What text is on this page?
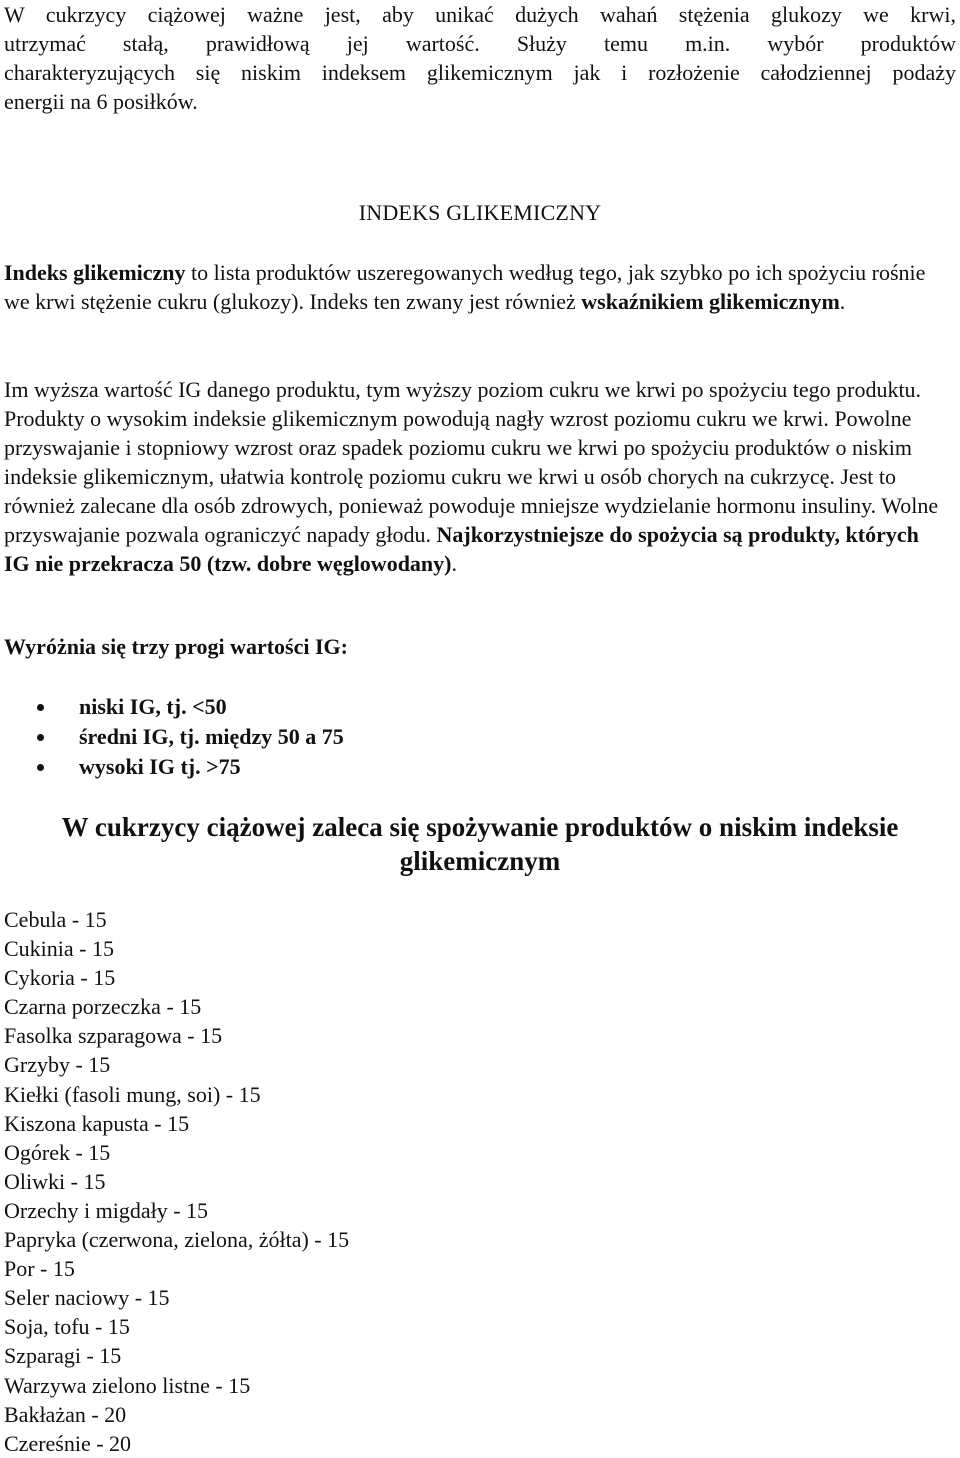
W cukrzycy ciążowej ważne jest, aby unikać dużych wahań stężenia glukozy we krwi,

utrzymać stałą, prawidłową jej wartość. Służy temu m.in. wybór produktów

charakteryzujących się niskim indeksem glikemicznym jak i rozłożenie całodziennej podaży

energii na 6 posiłków.

INDEKS GLIKEMICZNY

Indeks glikemiczny to lista produktów uszeregowanych według tego, jak szybko po ich spożyciu rośnie we krwi stężenie cukru (glukozy). Indeks ten zwany jest również wskaźnikiem glikemicznym.

Im wyższa wartość IG danego produktu, tym wyższy poziom cukru we krwi po spożyciu tego produktu. Produkty o wysokim indeksie glikemicznym powodują nagły wzrost poziomu cukru we krwi. Powolne przyswajanie i stopniowy wzrost oraz spadek poziomu cukru we krwi po spożyciu produktów o niskim indeksie glikemicznym, ułatwia kontrolę poziomu cukru we krwi u osób chorych na cukrzycę. Jest to również zalecane dla osób zdrowych, ponieważ powoduje mniejsze wydzielanie hormonu insuliny. Wolne przyswajanie pozwala ograniczyć napady głodu. Najkorzystniejsze do spożycia są produkty, których IG nie przekracza 50 (tzw. dobre węglowodany).

Wyróżnia się trzy progi wartości IG:

niski IG, tj. <50
średni IG, tj. między 50 a 75
wysoki IG tj. >75
W cukrzycy ciążowej zaleca się spożywanie produktów o niskim indeksie glikemicznym
Cebula - 15
Cukinia - 15
Cykoria - 15
Czarna porzeczka - 15
Fasolka szparagowa - 15
Grzyby - 15
Kiełki (fasoli mung, soi) - 15
Kiszona kapusta - 15
Ogórek - 15
Oliwki - 15
Orzechy i migdały - 15
Papryka (czerwona, zielona, żółta) - 15
Por - 15
Seler naciowy - 15
Soja, tofu - 15
Szparagi - 15
Warzywa zielono listne - 15
Bakłażan - 20
Czereśnie - 20
